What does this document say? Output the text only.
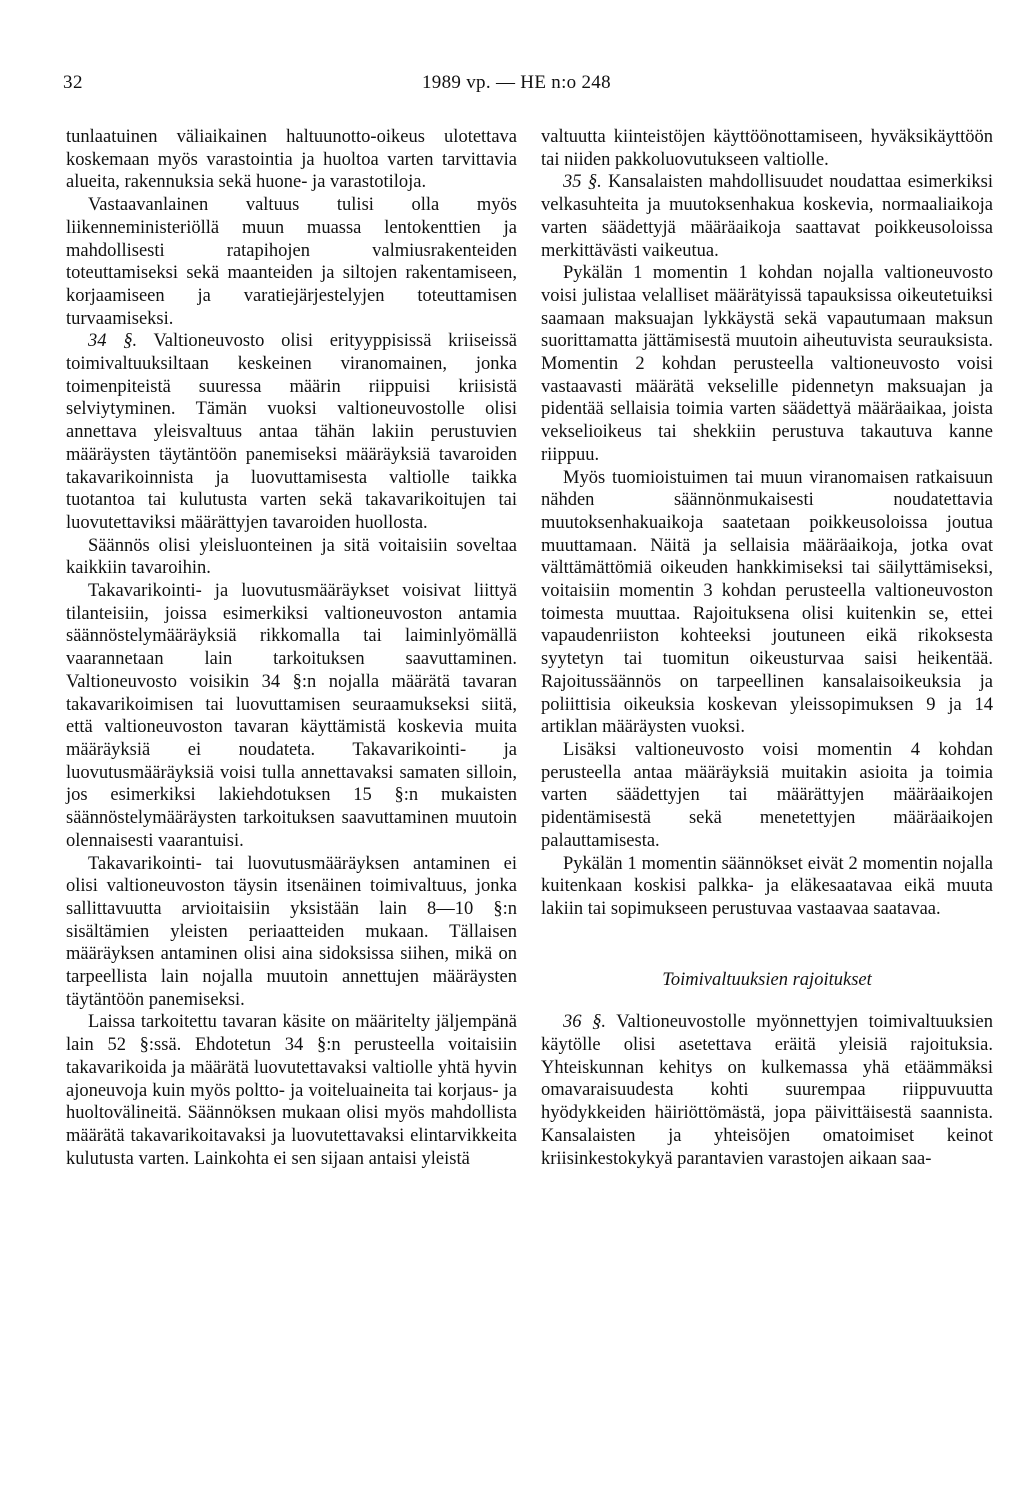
32	1989 vp. — HE n:o 248

tunlaatuinen väliaikainen haltuunotto-oikeus ulotettava koskemaan myös varastointia ja huoltoa varten tarvittavia alueita, rakennuksia sekä huone- ja varastotiloja.

Vastaavanlainen valtuus tulisi olla myös liikenneministeriöllä muun muassa lentokenttien ja mahdollisesti ratapihojen valmiusrakenteiden toteuttamiseksi sekä maanteiden ja siltojen rakentamiseen, korjaamiseen ja varatiejärjestelyjen toteuttamisen turvaamiseksi.

34 §. Valtioneuvosto olisi erityyppisissä kriiseissä toimivaltuuksiltaan keskeinen viranomainen, jonka toimenpiteistä suuressa määrin riippuisi kriisistä selviytyminen. Tämän vuoksi valtioneuvostolle olisi annettava yleisvaltuus antaa tähän lakiin perustuvien määräysten täytäntöön panemiseksi määräyksiä tavaroiden takavarikoinnista ja luovuttamisesta valtiolle taikka tuotantoa tai kulutusta varten sekä takavarikoitujen tai luovutettaviksi määrättyjen tavaroiden huollosta.

Säännös olisi yleisluonteinen ja sitä voitaisiin soveltaa kaikkiin tavaroihin.

Takavarikointi- ja luovutusmääräykset voisivat liittyä tilanteisiin, joissa esimerkiksi valtioneuvoston antamia säännöstelymääräyksiä rikkomalla tai laiminlyömällä vaarannetaan lain tarkoituksen saavuttaminen. Valtioneuvosto voisikin 34 §:n nojalla määrätä tavaran takavarikoimisen tai luovuttamisen seuraamukseksi siitä, että valtioneuvoston tavaran käyttämistä koskevia muita määräyksiä ei noudateta. Takavarikointi- ja luovutusmääräyksiä voisi tulla annettavaksi samaten silloin, jos esimerkiksi lakiehdotuksen 15 §:n mukaisten säännöstelymääräysten tarkoituksen saavuttaminen muutoin olennaisesti vaarantuisi.

Takavarikointi- tai luovutusmääräyksen antaminen ei olisi valtioneuvoston täysin itsenäinen toimivaltuus, jonka sallittavuutta arvioitaisiin yksistään lain 8—10 §:n sisältämien yleisten periaatteiden mukaan. Tällaisen määräyksen antaminen olisi aina sidoksissa siihen, mikä on tarpeellista lain nojalla muutoin annettujen määräysten täytäntöön panemiseksi.

Laissa tarkoitettu tavaran käsite on määritelty jäljempänä lain 52 §:ssä. Ehdotetun 34 §:n perusteella voitaisiin takavarikoida ja määrätä luovutettavaksi valtiolle yhtä hyvin ajoneuvoja kuin myös poltto- ja voiteluaineita tai korjaus- ja huoltovälineitä. Säännöksen mukaan olisi myös mahdollista määrätä takavarikoitavaksi ja luovutettavaksi elintarvikkeita kulutusta varten. Lainkohta ei sen sijaan antaisi yleistä

valtuutta kiinteistöjen käyttöönottamiseen, hyväksikäyttöön tai niiden pakkoluovutukseen valtiolle.

35 §. Kansalaisten mahdollisuudet noudattaa esimerkiksi velkasuhteita ja muutoksenhakua koskevia, normaaliaikoja varten säädettyjä määräaikoja saattavat poikkeusoloissa merkittävästi vaikeutua.

Pykälän 1 momentin 1 kohdan nojalla valtioneuvosto voisi julistaa velalliset määrätyissä tapauksissa oikeutetuiksi saamaan maksuajan lykkäystä sekä vapautumaan maksun suorittamatta jättämisestä muutoin aiheutuvista seurauksista. Momentin 2 kohdan perusteella valtioneuvosto voisi vastaavasti määrätä vekselille pidennetyn maksuajan ja pidentää sellaisia toimia varten säädettyä määräaikaa, joista vekselioikeus tai shekkiin perustuva takautuva kanne riippuu.

Myös tuomioistuimen tai muun viranomaisen ratkaisuun nähden säännönmukaisesti noudatettavia muutoksenhakuaikoja saatetaan poikkeusoloissa joutua muuttamaan. Näitä ja sellaisia määräaikoja, jotka ovat välttämättömiä oikeuden hankkimiseksi tai säilyttämiseksi, voitaisiin momentin 3 kohdan perusteella valtioneuvoston toimesta muuttaa. Rajoituksena olisi kuitenkin se, ettei vapaudenriiston kohteeksi joutuneen eikä rikoksesta syytetyn tai tuomitun oikeusturvaa saisi heikentää. Rajoitussäännös on tarpeellinen kansalaisoikeuksia ja poliittisia oikeuksia koskevan yleissopimuksen 9 ja 14 artiklan määräysten vuoksi.

Lisäksi valtioneuvosto voisi momentin 4 kohdan perusteella antaa määräyksiä muitakin asioita ja toimia varten säädettyjen tai määrättyjen määräaikojen pidentämisestä sekä menetettyjen määräaikojen palauttamisesta.

Pykälän 1 momentin säännökset eivät 2 momentin nojalla kuitenkaan koskisi palkka- ja eläkesaatavaa eikä muuta lakiin tai sopimukseen perustuvaa vastaavaa saatavaa.

Toimivaltuuksien rajoitukset

36 §. Valtioneuvostolle myönnettyjen toimivaltuuksien käytölle olisi asetettava eräitä yleisiä rajoituksia. Yhteiskunnan kehitys on kulkemassa yhä etäämmäksi omavaraisuudesta kohti suurempaa riippuvuutta hyödykkeiden häiriöttömästä, jopa päivittäisestä saannista. Kansalaisten ja yhteisöjen omatoimiset keinot kriisinkestokykyä parantavien varastojen aikaan saa-
